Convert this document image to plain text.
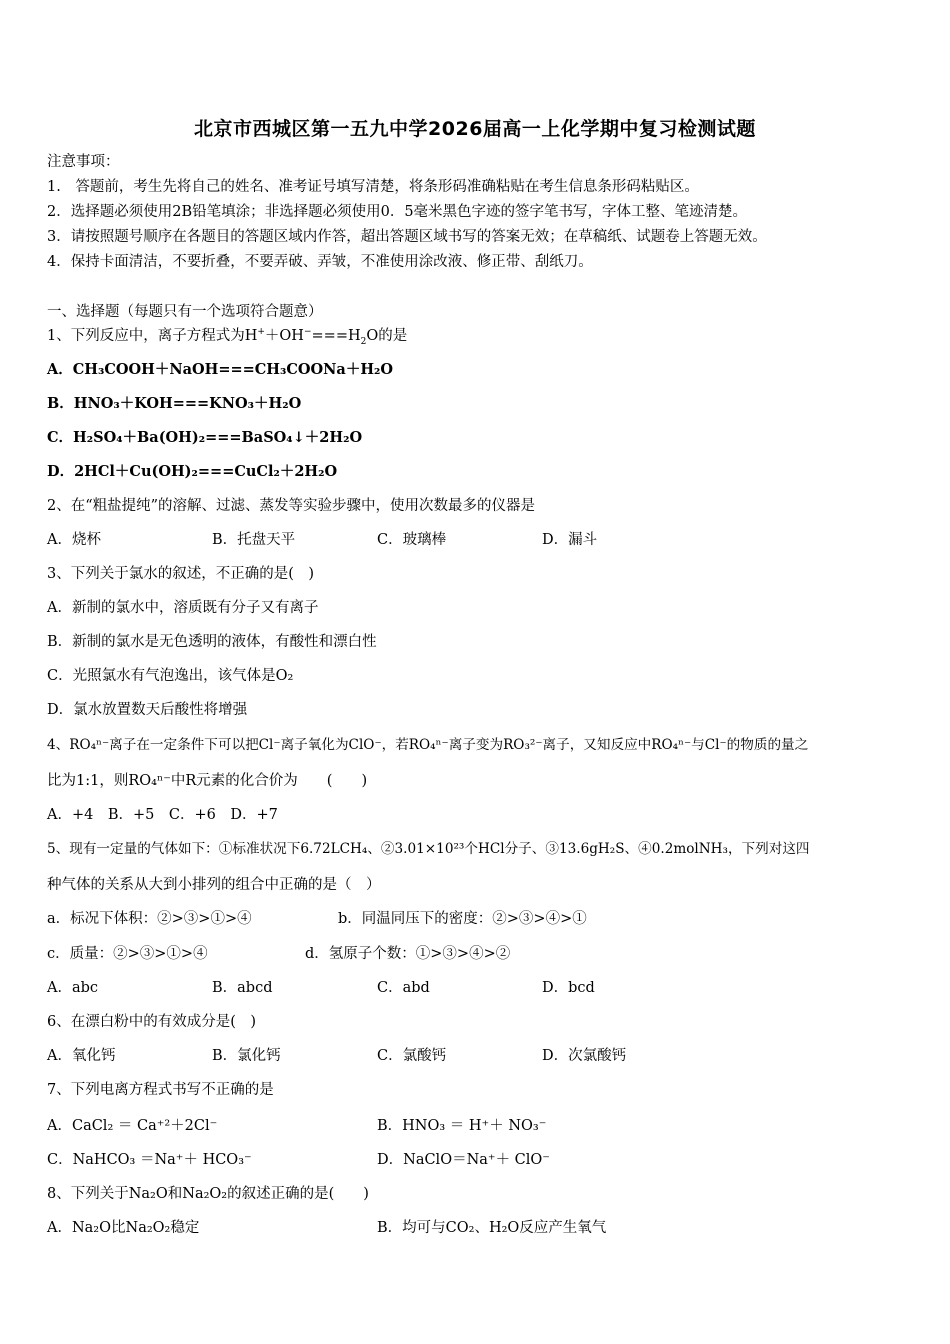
北京市西城区第一五九中学2026届高一上化学期中复习检测试题
注意事项：
1.　答题前，考生先将自己的姓名、准考证号填写清楚，将条形码准确粘贴在考生信息条形码粘贴区。
2．选择题必须使用2B铅笔填涂；非选择题必须使用0．5毫米黑色字迹的签字笔书写，字体工整、笔迹清楚。
3．请按照题号顺序在各题目的答题区域内作答，超出答题区域书写的答案无效；在草稿纸、试题卷上答题无效。
4．保持卡面清洁，不要折叠，不要弄破、弄皱，不准使用涂改液、修正带、刮纸刀。
一、选择题（每题只有一个选项符合题意）
1、下列反应中，离子方程式为$H^++OH^-===H_2O$的是
A．CH₃COOH＋NaOH===CH₃COONa＋H₂O
B．HNO₃＋KOH===KNO₃＋H₂O
C．H₂SO₄＋Ba(OH)₂===BaSO₄↓＋2H₂O
D．2HCl＋Cu(OH)₂===CuCl₂＋2H₂O
2、在“粗盐提纯”的溶解、过滤、蒸发等实验步骤中，使用次数最多的仪器是
A．烧杯	B．托盘天平	C．玻璃棒	D．漏斗
3、下列关于氯水的叙述，不正确的是(　)
A．新制的氯水中，溶质既有分子又有离子
B．新制的氯水是无色透明的液体，有酸性和漂白性
C．光照氯水有气泡逸出，该气体是O₂
D．氯水放置数天后酸性将增强
4、RO₄ⁿ⁻离子在一定条件下可以把Cl⁻离子氧化为ClO⁻，若RO₄ⁿ⁻离子变为RO₃²⁻离子，又知反应中RO₄ⁿ⁻与Cl⁻的物质的量之
比为1:1，则RO₄ⁿ⁻中R元素的化合价为　　(　　)
A．+4　B．+5　C．+6　D．+7
5、现有一定量的气体如下：①标准状况下6.72LCH₄、②3.01×10²³个HCl分子、③13.6gH₂S、④0.2molNH₃，下列对这四
种气体的关系从大到小排列的组合中正确的是（　）
a．标况下体积：②>③>①>④	b．同温同压下的密度：②>③>④>①
c．质量：②>③>①>④	d．氢原子个数：①>③>④>②
A．abc	B．abcd	C．abd	D．bcd
6、在漂白粉中的有效成分是(　)
A．氧化钙	B．氯化钙	C．氯酸钙	D．次氯酸钙
7、下列电离方程式书写不正确的是
A．CaCl₂ ＝ Ca⁺²＋2Cl⁻	B．HNO₃ ＝ H⁺＋ NO₃⁻
C．NaHCO₃ ＝Na⁺＋ HCO₃⁻	D．NaClO＝Na⁺＋ ClO⁻
8、下列关于Na₂O和Na₂O₂的叙述正确的是(　　)
A．Na₂O比Na₂O₂稳定	B．均可与CO₂、H₂O反应产生氧气
